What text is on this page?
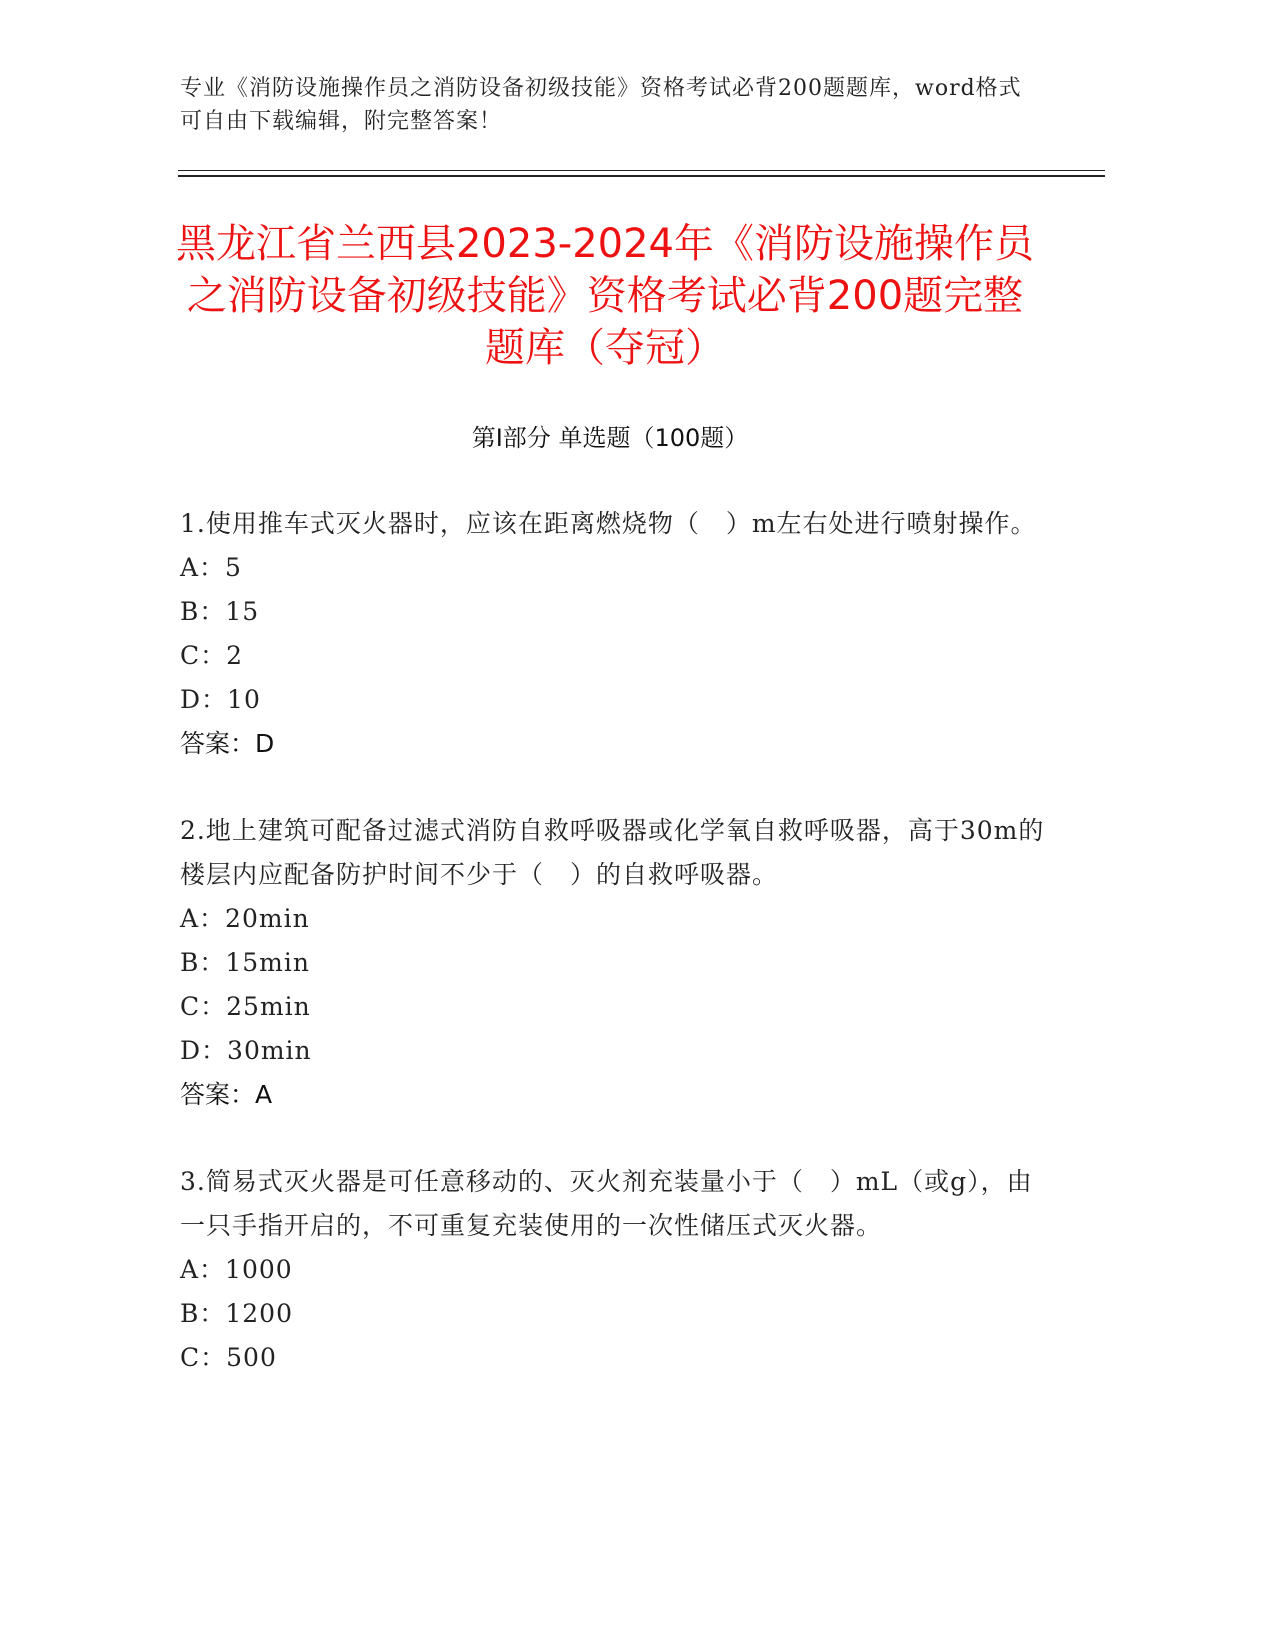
专业《消防设施操作员之消防设备初级技能》资格考试必背200题题库，word格式可自由下载编辑，附完整答案！
黑龙江省兰西县2023-2024年《消防设施操作员之消防设备初级技能》资格考试必背200题完整题库（夺冠）
第Ⅰ部分 单选题（100题）
1.使用推车式灭火器时，应该在距离燃烧物（　）m左右处进行喷射操作。
A：5
B：15
C：2
D：10
答案：D
2.地上建筑可配备过滤式消防自救呼吸器或化学氧自救呼吸器，高于30m的楼层内应配备防护时间不少于（　）的自救呼吸器。
A：20min
B：15min
C：25min
D：30min
答案：A
3.简易式灭火器是可任意移动的、灭火剂充装量小于（　）mL（或g），由一只手指开启的，不可重复充装使用的一次性储压式灭火器。
A：1000
B：1200
C：500
